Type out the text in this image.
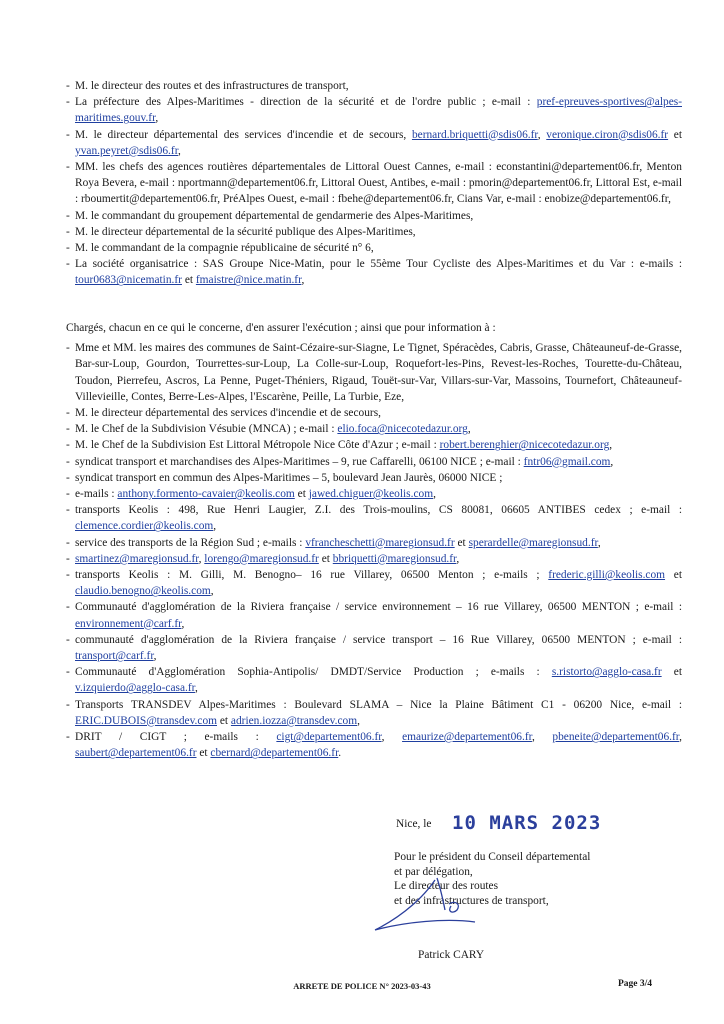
- M. le directeur des routes et des infrastructures de transport,
- La préfecture des Alpes-Maritimes - direction de la sécurité et de l'ordre public ; e-mail : pref-epreuves-sportives@alpes-maritimes.gouv.fr,
- M. le directeur départemental des services d'incendie et de secours, bernard.briquetti@sdis06.fr, veronique.ciron@sdis06.fr et yvan.peyret@sdis06.fr,
- MM. les chefs des agences routières départementales de Littoral Ouest Cannes, e-mail : econstantini@departement06.fr, Menton Roya Bevera, e-mail : nportmann@departement06.fr, Littoral Ouest, Antibes, e-mail : pmorin@departement06.fr, Littoral Est, e-mail : rboumertit@departement06.fr, PréAlpes Ouest, e-mail : fbehe@departement06.fr, Cians Var, e-mail : enobize@departement06.fr,
- M. le commandant du groupement départemental de gendarmerie des Alpes-Maritimes,
- M. le directeur départemental de la sécurité publique des Alpes-Maritimes,
- M. le commandant de la compagnie républicaine de sécurité n° 6,
- La société organisatrice : SAS Groupe Nice-Matin, pour le 55ème Tour Cycliste des Alpes-Maritimes et du Var : e-mails : tour0683@nicematin.fr et fmaistre@nice.matin.fr,

Chargés, chacun en ce qui le concerne, d'en assurer l'exécution ; ainsi que pour information à :

- Mme et MM. les maires des communes de Saint-Cézaire-sur-Siagne, Le Tignet, Spéracèdes, Cabris, Grasse, Châteauneuf-de-Grasse, Bar-sur-Loup, Gourdon, Tourrettes-sur-Loup, La Colle-sur-Loup, Roquefort-les-Pins, Revest-les-Roches, Tourette-du-Château, Toudon, Pierrefeu, Ascros, La Penne, Puget-Théniers, Rigaud, Touët-sur-Var, Villars-sur-Var, Massoins, Tournefort, Châteauneuf-Villevieille, Contes, Berre-Les-Alpes, l'Escarène, Peille, La Turbie, Eze,
- M. le directeur départemental des services d'incendie et de secours,
- M. le Chef de la Subdivision Vésubie (MNCA) ; e-mail : elio.foca@nicecotedazur.org,
- M. le Chef de la Subdivision Est Littoral Métropole Nice Côte d'Azur ; e-mail : robert.berenghier@nicecotedazur.org,
- syndicat transport et marchandises des Alpes-Maritimes – 9, rue Caffarelli, 06100 NICE ; e-mail : fntr06@gmail.com,
- syndicat transport en commun des Alpes-Maritimes – 5, boulevard Jean Jaurès, 06000 NICE ;
- e-mails : anthony.formento-cavaier@keolis.com et jawed.chiguer@keolis.com,
- transports Keolis : 498, Rue Henri Laugier, Z.I. des Trois-moulins, CS 80081, 06605 ANTIBES cedex ; e-mail : clemence.cordier@keolis.com,
- service des transports de la Région Sud ; e-mails : vfrancheschetti@maregionsud.fr et sperardelle@maregionsud.fr,
- smartinez@maregionsud.fr, lorengo@maregionsud.fr et bbriquetti@maregionsud.fr,
- transports Keolis : M. Gilli, M. Benogno– 16 rue Villarey, 06500 Menton ; e-mails ; frederic.gilli@keolis.com et claudio.benogno@keolis.com,
- Communauté d'agglomération de la Riviera française / service environnement – 16 rue Villarey, 06500 MENTON ; e-mail : environnement@carf.fr,
- communauté d'agglomération de la Riviera française / service transport – 16 Rue Villarey, 06500 MENTON ; e-mail : transport@carf.fr,
- Communauté d'Agglomération Sophia-Antipolis/ DMDT/Service Production ; e-mails : s.ristorto@agglo-casa.fr et v.izquierdo@agglo-casa.fr,
- Transports TRANSDEV Alpes-Maritimes : Boulevard SLAMA – Nice la Plaine Bâtiment C1 - 06200 Nice, e-mail : ERIC.DUBOIS@transdev.com et adrien.iozza@transdev.com,
- DRIT / CIGT ; e-mails : cigt@departement06.fr, emaurize@departement06.fr, pbeneite@departement06.fr, saubert@departement06.fr et cbernard@departement06.fr.
Nice, le 10 MARS 2023
Pour le président du Conseil départemental
et par délégation,
Le directeur des routes
et des infrastructures de transport,
Patrick CARY
ARRETE DE POLICE N° 2023-03-43	Page 3/4
